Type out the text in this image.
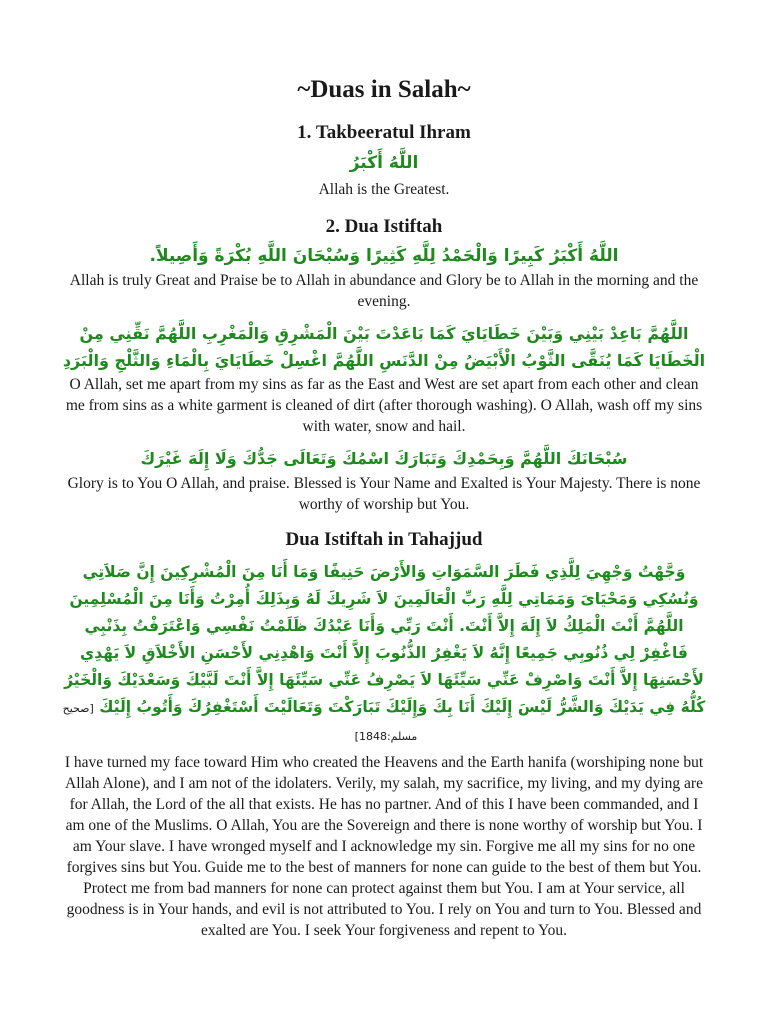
~Duas in Salah~
1. Takbeeratul Ihram

اللَّهُ أَكْبَرُ

Allah is the Greatest.

2. Dua Istiftah

اللَّهُ أَكْبَرُ كَبِيرًا وَالْحَمْدُ لِلَّهِ كَثِيرًا وَسُبْحَانَ اللَّهِ بُكْرَةً وَأَصِيلاً.

Allah is truly Great and Praise be to Allah in abundance and Glory be to Allah in the morning and the evening.

اللَّهُمَّ بَاعِدْ بَيْنِي وَبَيْنَ خَطَايَايَ كَمَا بَاعَدْتَ بَيْنَ الْمَشْرِقِ وَالْمَغْرِبِ اللَّهُمَّ نَقِّنِي مِنْ الْخَطَايَا كَمَا يُنَقَّى الثَّوْبُ الْأَبْيَضُ مِنْ الدَّنَسِ اللَّهُمَّ اغْسِلْ خَطَايَايَ بِالْمَاءِ وَالثَّلْجِ وَالْبَرَدِ

O Allah, set me apart from my sins as far as the East and West are set apart from each other and clean me from sins as a white garment is cleaned of dirt (after thorough washing). O Allah, wash off my sins with water, snow and hail.

سُبْحَانَكَ اللَّهُمَّ وَبِحَمْدِكَ وَتَبَارَكَ اسْمُكَ وَتَعَالَى جَدُّكَ وَلَا إِلَهَ غَيْرَكَ

Glory is to You O Allah, and praise. Blessed is Your Name and Exalted is Your Majesty. There is none worthy of worship but You.

Dua Istiftah in Tahajjud

وَجَّهْتُ وَجْهِيَ لِلَّذِي فَطَرَ السَّمَوَاتِ وَالأَرْضَ حَنِيفًا وَمَا أَنَا مِنَ الْمُشْرِكِينَ إِنَّ صَلاَتِي وَنُسُكِي وَمَحْيَاىَ وَمَمَاتِي لِلَّهِ رَبِّ الْعَالَمِينَ لاَ شَرِيكَ لَهُ وَبِذَلِكَ أُمِرْتُ وَأَنَا مِنَ الْمُسْلِمِينَ اللَّهُمَّ أَنْتَ الْمَلِكُ لاَ إِلَهَ إِلاَّ أَنْتَ. أَنْتَ رَبِّي وَأَنَا عَبْدُكَ ظَلَمْتُ نَفْسِي وَاعْتَرَفْتُ بِذَنْبِي فَاغْفِرْ لِي ذُنُوبِي جَمِيعًا إِنَّهُ لاَ يَغْفِرُ الذُّنُوبَ إِلاَّ أَنْتَ وَاهْدِنِي لأَحْسَنِ الأَخْلاَقِ لاَ يَهْدِي لأَحْسَنِهَا إِلاَّ أَنْتَ وَاصْرِفْ عَنِّي سَيِّئَهَا لاَ يَصْرِفُ عَنِّي سَيِّئَهَا إِلاَّ أَنْتَ لَبَّيْكَ وَسَعْدَيْكَ وَالْخَيْرُ كُلُّهُ فِي يَدَيْكَ وَالشَّرُّ لَيْسَ إِلَيْكَ أَنَا بِكَ وَإِلَيْكَ تَبَارَكْتَ وَتَعَالَيْتَ أَسْتَغْفِرُكَ وَأَتُوبُ إِلَيْكَ [صحيح مسلم:1848]

I have turned my face toward Him who created the Heavens and the Earth hanifa (worshiping none but Allah Alone), and I am not of the idolaters. Verily, my salah, my sacrifice, my living, and my dying are for Allah, the Lord of the all that exists. He has no partner. And of this I have been commanded, and I am one of the Muslims. O Allah, You are the Sovereign and there is none worthy of worship but You. I am Your slave. I have wronged myself and I acknowledge my sin. Forgive me all my sins for no one forgives sins but You. Guide me to the best of manners for none can guide to the best of them but You. Protect me from bad manners for none can protect against them but You. I am at Your service, all goodness is in Your hands, and evil is not attributed to You. I rely on You and turn to You. Blessed and exalted are You. I seek Your forgiveness and repent to You.
